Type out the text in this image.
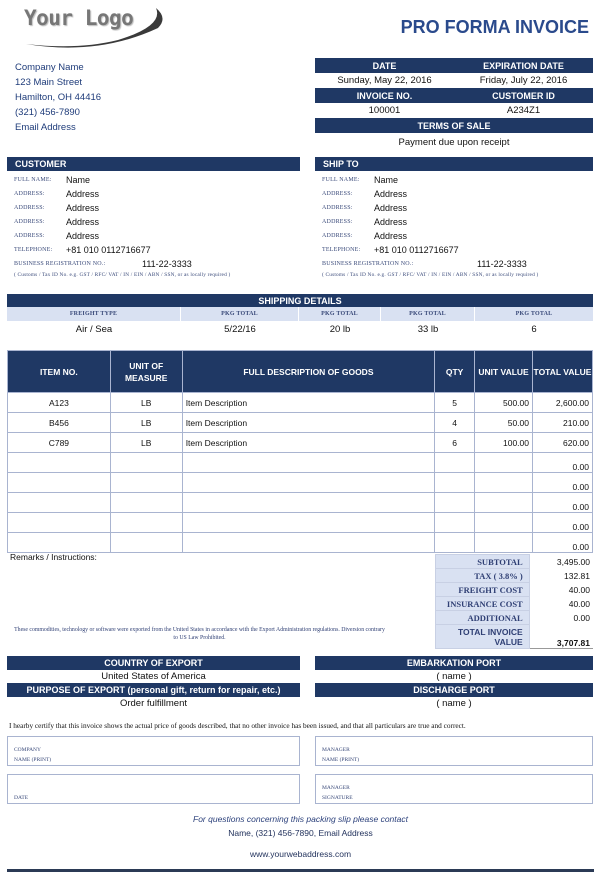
Your Logo	PRO FORMA INVOICE
Company Name
123 Main Street
Hamilton, OH 44416
(321) 456-7890
Email Address
DATE	EXPIRATION DATE
Sunday, May 22, 2016	Friday, July 22, 2016
INVOICE NO.	CUSTOMER ID
100001	A234Z1
TERMS OF SALE
Payment due upon receipt
CUSTOMER
FULL NAME:	Name
ADDRESS:	Address
ADDRESS:	Address
ADDRESS:	Address
ADDRESS:	Address
TELEPHONE:	+81 010 0112716677
BUSINESS REGISTRATION NO.:	111-22-3333
( Customs / Tax ID No. e.g. GST / RFC/ VAT / IN / EIN / ABN / SSN, or as locally required )
SHIP TO
FULL NAME:	Name
ADDRESS:	Address
ADDRESS:	Address
ADDRESS:	Address
ADDRESS:	Address
TELEPHONE:	+81 010 0112716677
BUSINESS REGISTRATION NO.:	111-22-3333
( Customs / Tax ID No. e.g. GST / RFC/ VAT / IN / EIN / ABN / SSN, or as locally required )
SHIPPING DETAILS
FREIGHT TYPE	PKG TOTAL	PKG TOTAL	PKG TOTAL	PKG TOTAL
Air / Sea	5/22/16	20 lb	33 lb	6
ITEM NO.	UNIT OF MEASURE	FULL DESCRIPTION OF GOODS	QTY	UNIT VALUE	TOTAL VALUE
A123	LB	Item Description	5	500.00	2,600.00
B456	LB	Item Description	4	50.00	210.00
C789	LB	Item Description	6	100.00	620.00
					0.00
					0.00
					0.00
					0.00
					0.00
Remarks / Instructions:
These commodities, technology or software were exported from the United States in accordance with the Export Administration regulations. Diversion contrary to US Law Prohibited.
SUBTOTAL	3,495.00
TAX ( 3.8% )	132.81
FREIGHT COST	40.00
INSURANCE COST	40.00
ADDITIONAL	0.00

TOTAL INVOICE
VALUE	3,707.81
COUNTRY OF EXPORT
United States of America
PURPOSE OF EXPORT (personal gift, return for repair, etc.)
Order fulfillment
EMBARKATION PORT
( name )
DISCHARGE PORT
( name )
I hearby certify that this invoice shows the actual price of goods described, that no other invoice has been issued, and that all particulars are true and correct.
COMPANY
NAME (PRINT)
MANAGER
NAME (PRINT)
DATE
MANAGER
SIGNATURE
For questions concerning this packing slip please contact
Name, (321) 456-7890, Email Address
www.yourwebaddress.com
